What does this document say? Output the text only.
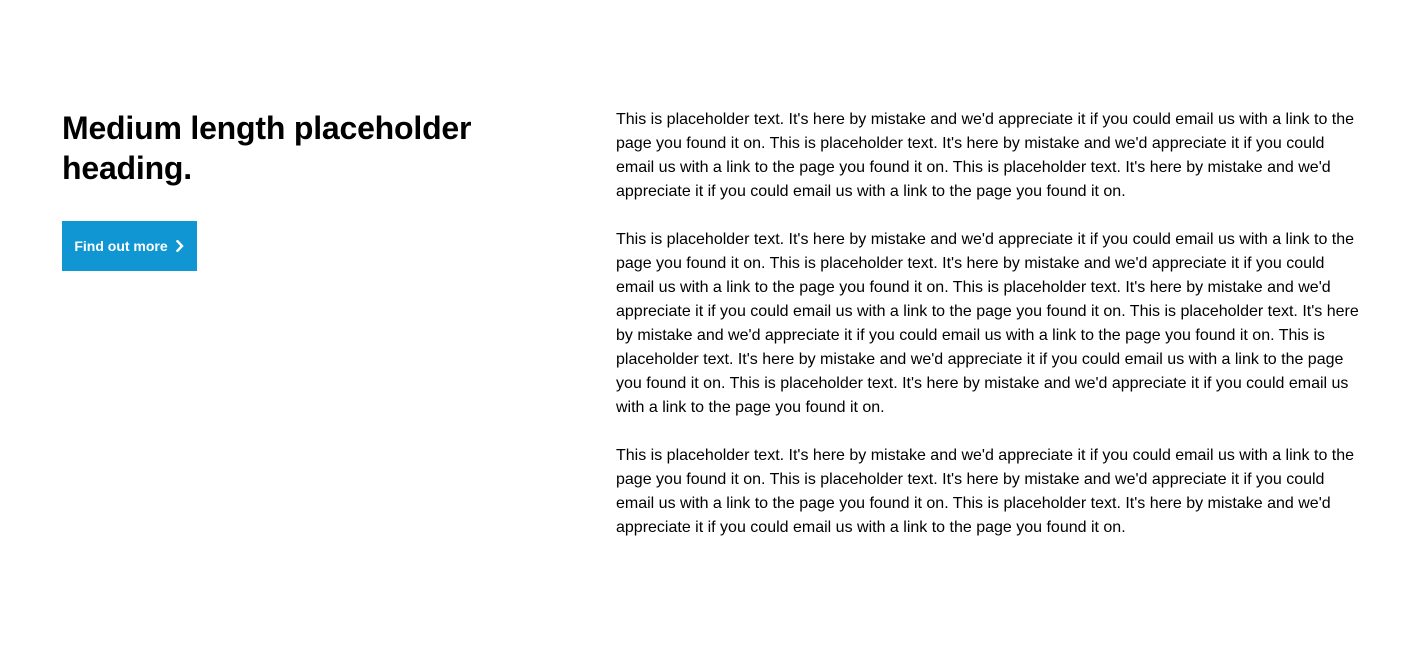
Medium length placeholder heading.
Find out more

This is placeholder text. It's here by mistake and we'd appreciate it if you could email us with a link to the page you found it on. This is placeholder text. It's here by mistake and we'd appreciate it if you could email us with a link to the page you found it on. This is placeholder text. It's here by mistake and we'd appreciate it if you could email us with a link to the page you found it on.

This is placeholder text. It's here by mistake and we'd appreciate it if you could email us with a link to the page you found it on. This is placeholder text. It's here by mistake and we'd appreciate it if you could email us with a link to the page you found it on. This is placeholder text. It's here by mistake and we'd appreciate it if you could email us with a link to the page you found it on. This is placeholder text. It's here by mistake and we'd appreciate it if you could email us with a link to the page you found it on. This is placeholder text. It's here by mistake and we'd appreciate it if you could email us with a link to the page you found it on. This is placeholder text. It's here by mistake and we'd appreciate it if you could email us with a link to the page you found it on.

This is placeholder text. It's here by mistake and we'd appreciate it if you could email us with a link to the page you found it on. This is placeholder text. It's here by mistake and we'd appreciate it if you could email us with a link to the page you found it on. This is placeholder text. It's here by mistake and we'd appreciate it if you could email us with a link to the page you found it on.
